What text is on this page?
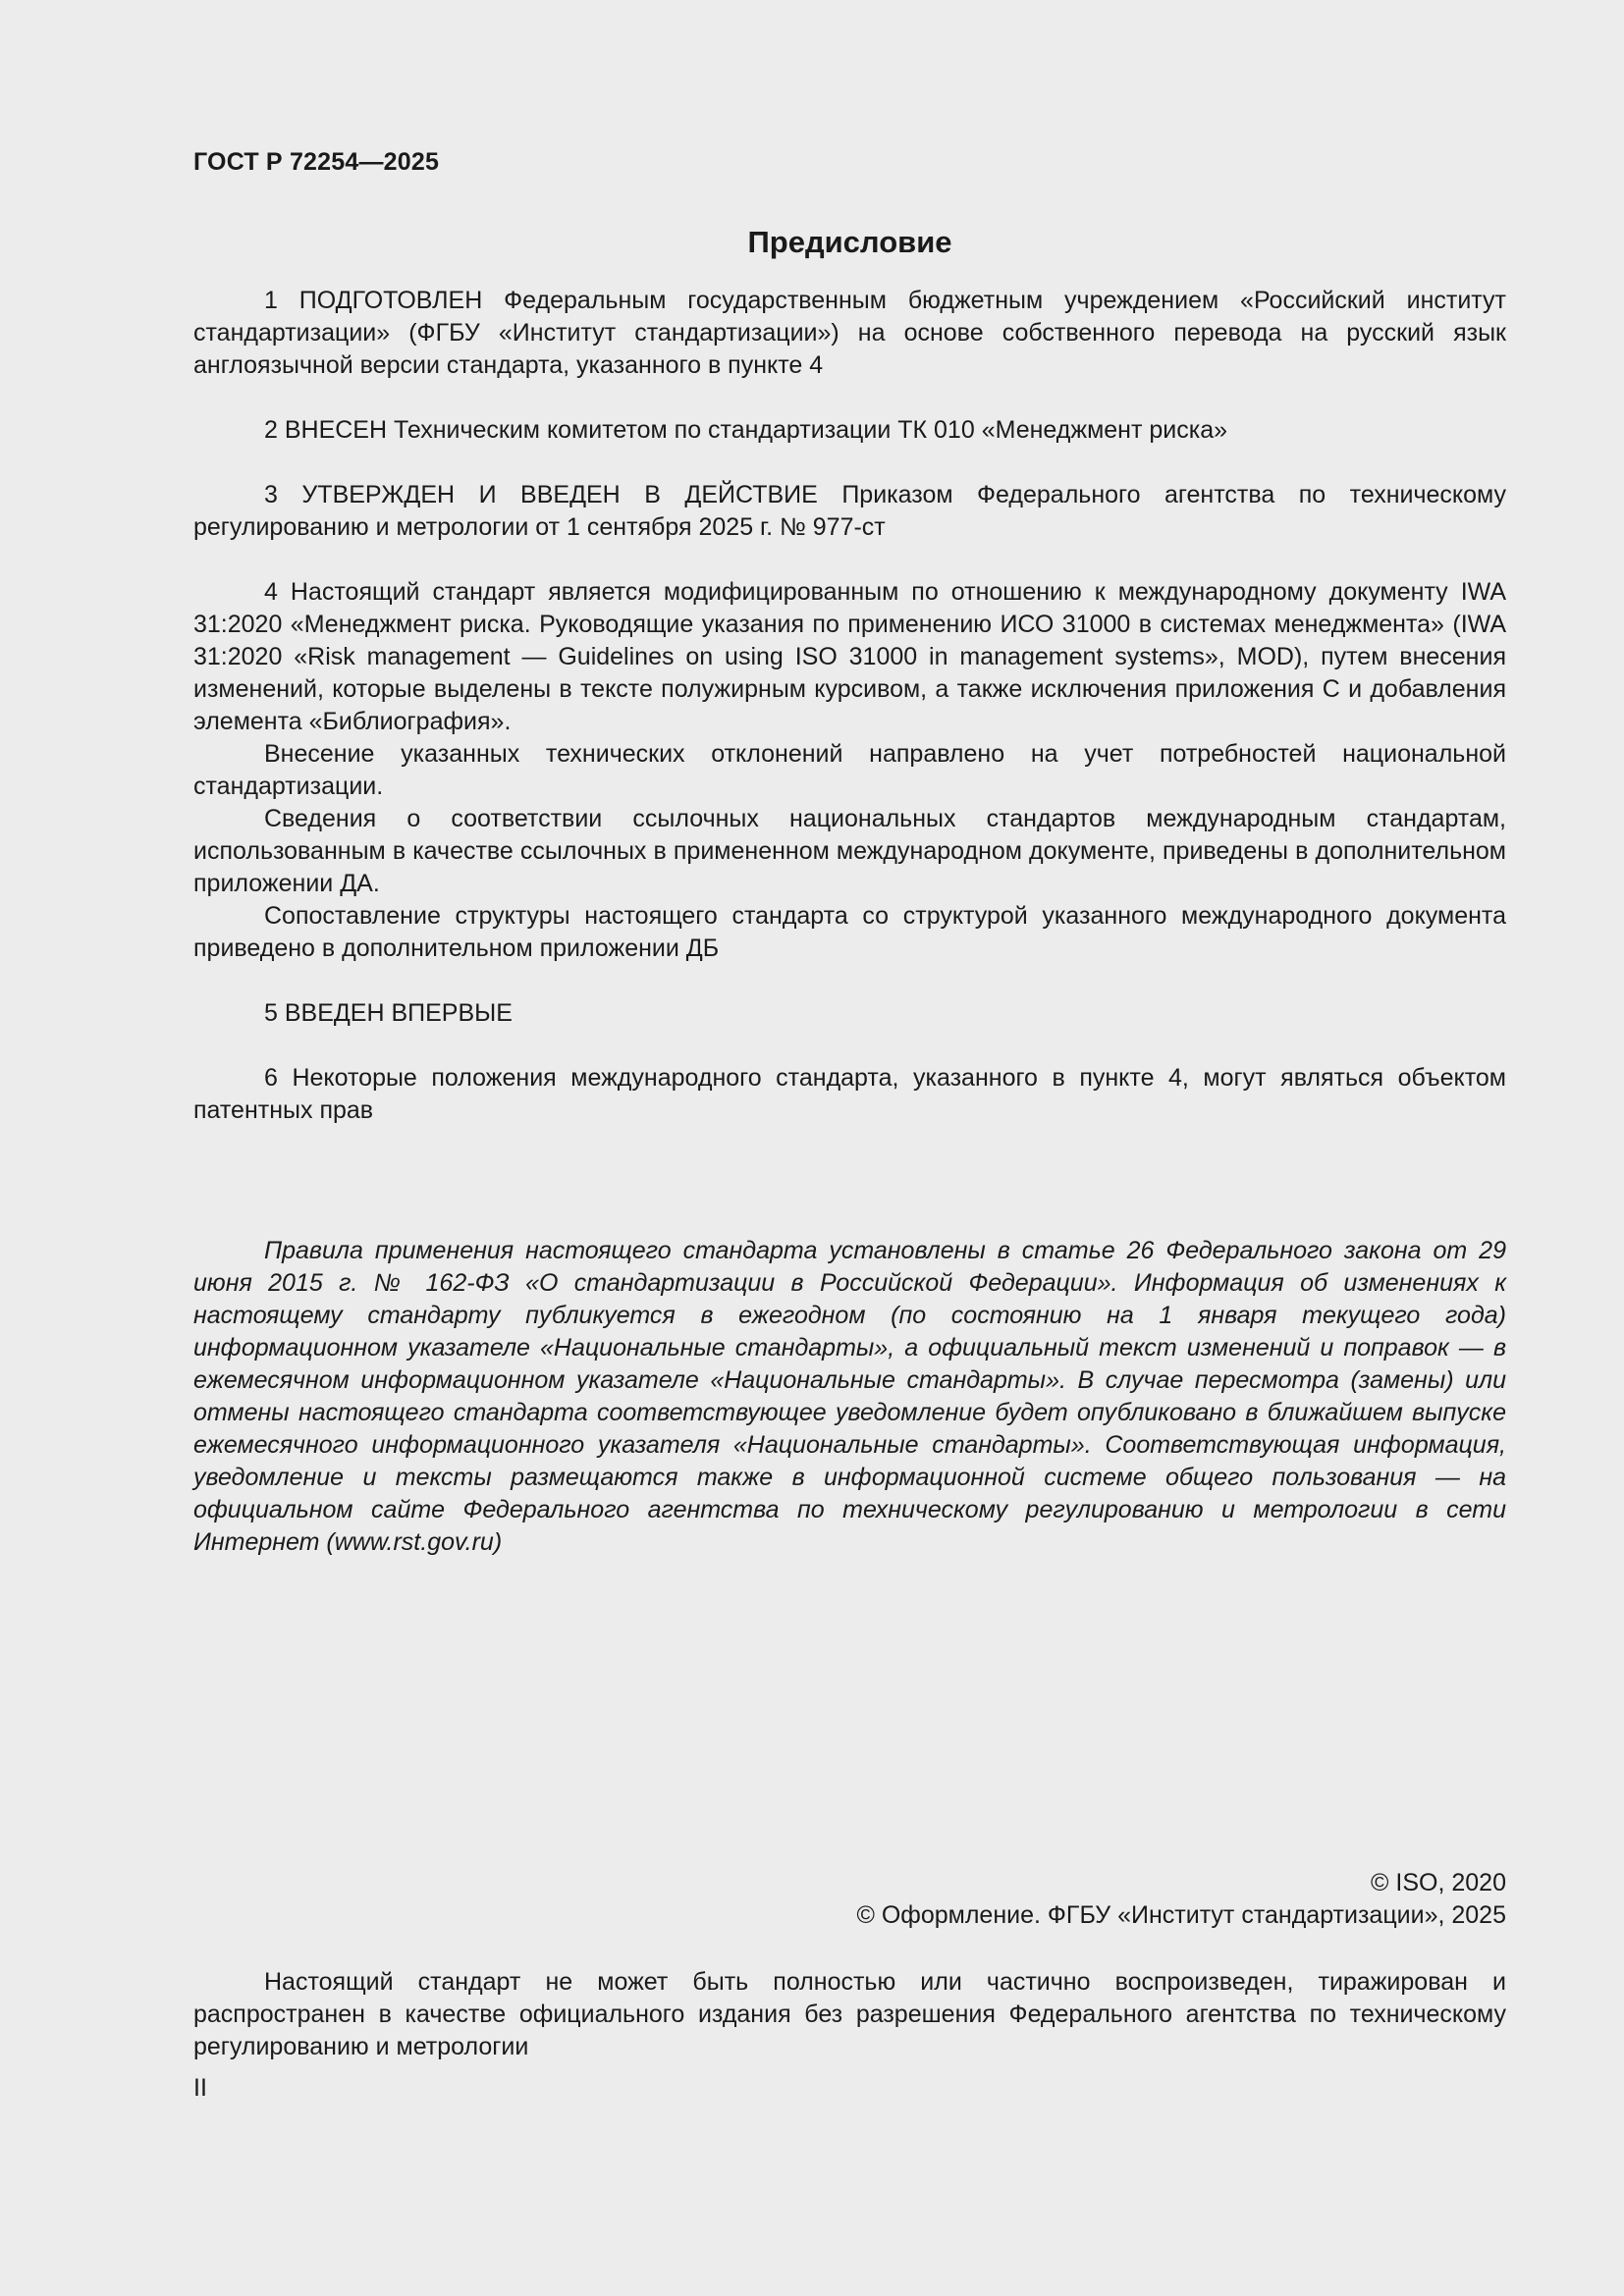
ГОСТ Р 72254—2025
Предисловие

1 ПОДГОТОВЛЕН Федеральным государственным бюджетным учреждением «Российский институт стандартизации» (ФГБУ «Институт стандартизации») на основе собственного перевода на русский язык англоязычной версии стандарта, указанного в пункте 4

2 ВНЕСЕН Техническим комитетом по стандартизации ТК 010 «Менеджмент риска»

3 УТВЕРЖДЕН И ВВЕДЕН В ДЕЙСТВИЕ Приказом Федерального агентства по техническому регулированию и метрологии от 1 сентября 2025 г. № 977-ст

4 Настоящий стандарт является модифицированным по отношению к международному документу IWA 31:2020 «Менеджмент риска. Руководящие указания по применению ИСО 31000 в системах менеджмента» (IWA 31:2020 «Risk management — Guidelines on using ISO 31000 in management systems», MOD), путем внесения изменений, которые выделены в тексте полужирным курсивом, а также исключения приложения С и добавления элемента «Библиография».

Внесение указанных технических отклонений направлено на учет потребностей национальной стандартизации.

Сведения о соответствии ссылочных национальных стандартов международным стандартам, использованным в качестве ссылочных в примененном международном документе, приведены в дополнительном приложении ДА.

Сопоставление структуры настоящего стандарта со структурой указанного международного документа приведено в дополнительном приложении ДБ

5 ВВЕДЕН ВПЕРВЫЕ

6 Некоторые положения международного стандарта, указанного в пункте 4, могут являться объектом патентных прав

Правила применения настоящего стандарта установлены в статье 26 Федерального закона от 29 июня 2015 г. № 162-ФЗ «О стандартизации в Российской Федерации». Информация об изменениях к настоящему стандарту публикуется в ежегодном (по состоянию на 1 января текущего года) информационном указателе «Национальные стандарты», а официальный текст изменений и поправок — в ежемесячном информационном указателе «Национальные стандарты». В случае пересмотра (замены) или отмены настоящего стандарта соответствующее уведомление будет опубликовано в ближайшем выпуске ежемесячного информационного указателя «Национальные стандарты». Соответствующая информация, уведомление и тексты размещаются также в информационной системе общего пользования — на официальном сайте Федерального агентства по техническому регулированию и метрологии в сети Интернет (www.rst.gov.ru)

© ISO, 2020
© Оформление. ФГБУ «Институт стандартизации», 2025

Настоящий стандарт не может быть полностью или частично воспроизведен, тиражирован и распространен в качестве официального издания без разрешения Федерального агентства по техническому регулированию и метрологии

II
